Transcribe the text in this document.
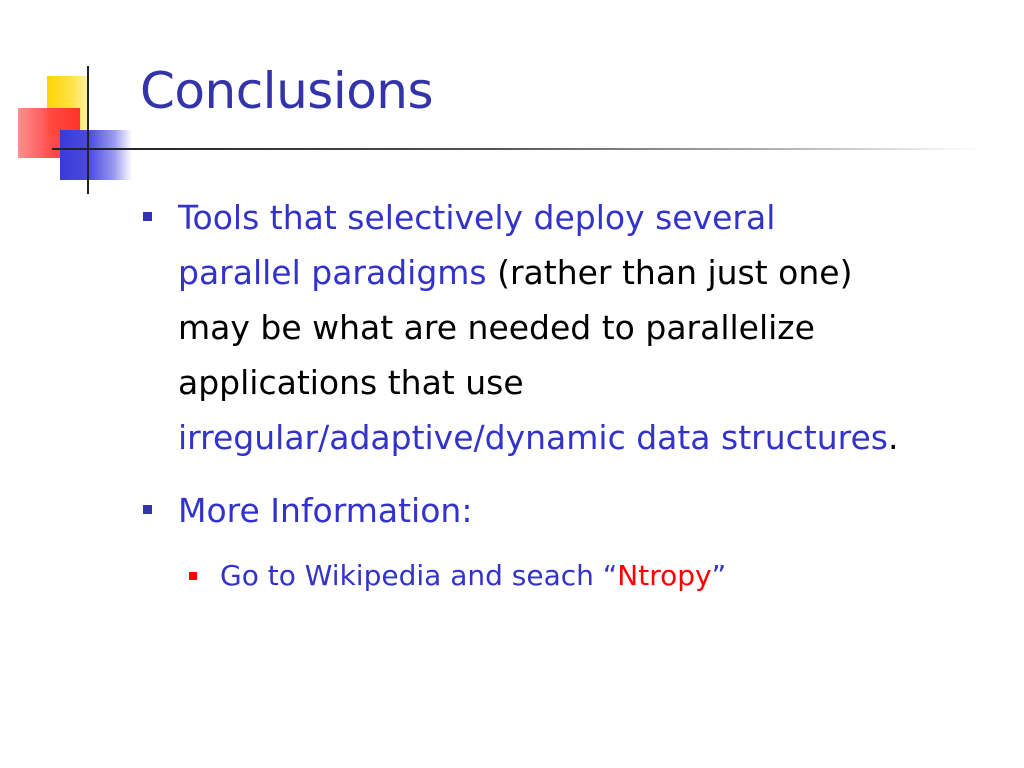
Conclusions
Tools that selectively deploy several parallel paradigms (rather than just one) may be what are needed to parallelize applications that use irregular/adaptive/dynamic data structures.
More Information:
Go to Wikipedia and seach “Ntropy”
